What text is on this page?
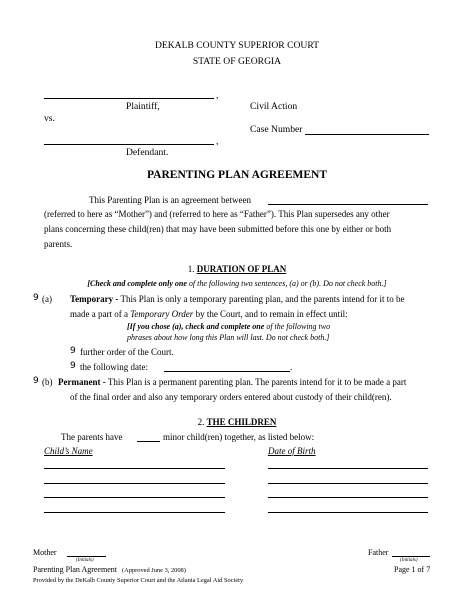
DEKALB COUNTY SUPERIOR COURT
STATE OF GEORGIA
,
Plaintiff,
vs.
,
Defendant.
Civil Action
Case Number
PARENTING PLAN AGREEMENT
This Parenting Plan is an agreement between
(referred to here as “Mother”) and (referred to here as “Father”). This Plan supersedes any other
plans concerning these child(ren) that may have been submitted before this one by either or both
parents.
1. DURATION OF PLAN
[Check and complete only one of the following two sentences, (a) or (b). Do not check both.]
9 (a) Temporary - This Plan is only a temporary parenting plan, and the parents intend for it to be
made a part of a Temporary Order by the Court, and to remain in effect until:
[If you chose (a), check and complete one of the following two
phrases about how long this Plan will last. Do not check both.]
9 further order of the Court.
9 the following date:	.
9 (b) Permanent - This Plan is a permanent parenting plan. The parents intend for it to be made a part
of the final order and also any temporary orders entered about custody of their child(ren).
2. THE CHILDREN
The parents have	minor child(ren) together, as listed below:
Child’s Name	Date of Birth
Mother
(Initials)
Father
(Initials)
Parenting Plan Agreement (Approved June 3, 2008)	Page 1 of 7
Provided by the DeKalb County Superior Court and the Atlanta Legal Aid Society
